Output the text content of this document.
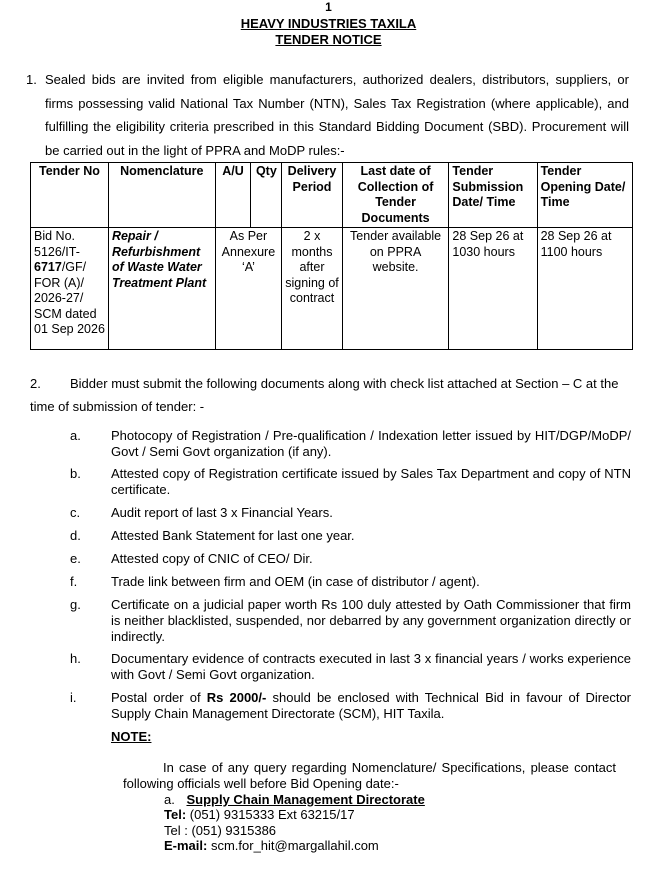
1
HEAVY INDUSTRIES TAXILA
TENDER NOTICE
1. Sealed bids are invited from eligible manufacturers, authorized dealers, distributors, suppliers, or firms possessing valid National Tax Number (NTN), Sales Tax Registration (where applicable), and fulfilling the eligibility criteria prescribed in this Standard Bidding Document (SBD). Procurement will be carried out in the light of PPRA and MoDP rules:-
Tender No	Nomenclature	A/U	Qty	Delivery Period	Last date of Collection of Tender Documents	Tender Submission Date/ Time	Tender Opening Date/ Time
Bid No. 5126/IT-6717/GF/ FOR (A)/ 2026-27/ SCM dated 01 Sep 2026	Repair / Refurbishment of Waste Water Treatment Plant	As Per Annexure ‘A’		2 x months after signing of contract	Tender available on PPRA website.	28 Sep 26 at 1030 hours	28 Sep 26 at 1100 hours
2. Bidder must submit the following documents along with check list attached at Section – C at the time of submission of tender: -
a. Photocopy of Registration / Pre-qualification / Indexation letter issued by HIT/DGP/MoDP/ Govt / Semi Govt organization (if any).
b. Attested copy of Registration certificate issued by Sales Tax Department and copy of NTN certificate.
c. Audit report of last 3 x Financial Years.
d. Attested Bank Statement for last one year.
e. Attested copy of CNIC of CEO/ Dir.
f.	Trade link between firm and OEM (in case of distributor / agent).
g. Certificate on a judicial paper worth Rs 100 duly attested by Oath Commissioner that firm is neither blacklisted, suspended, nor debarred by any government organization directly or indirectly.
h. Documentary evidence of contracts executed in last 3 x financial years / works experience with Govt / Semi Govt organization.
i.	Postal order of Rs 2000/- should be enclosed with Technical Bid in favour of Director Supply Chain Management Directorate (SCM), HIT Taxila.
NOTE:
In case of any query regarding Nomenclature/ Specifications, please contact following officials well before Bid Opening date:-
a. Supply Chain Management Directorate
Tel: (051) 9315333 Ext 63215/17
Tel : (051) 9315386
E-mail: scm.for_hit@margallahil.com
